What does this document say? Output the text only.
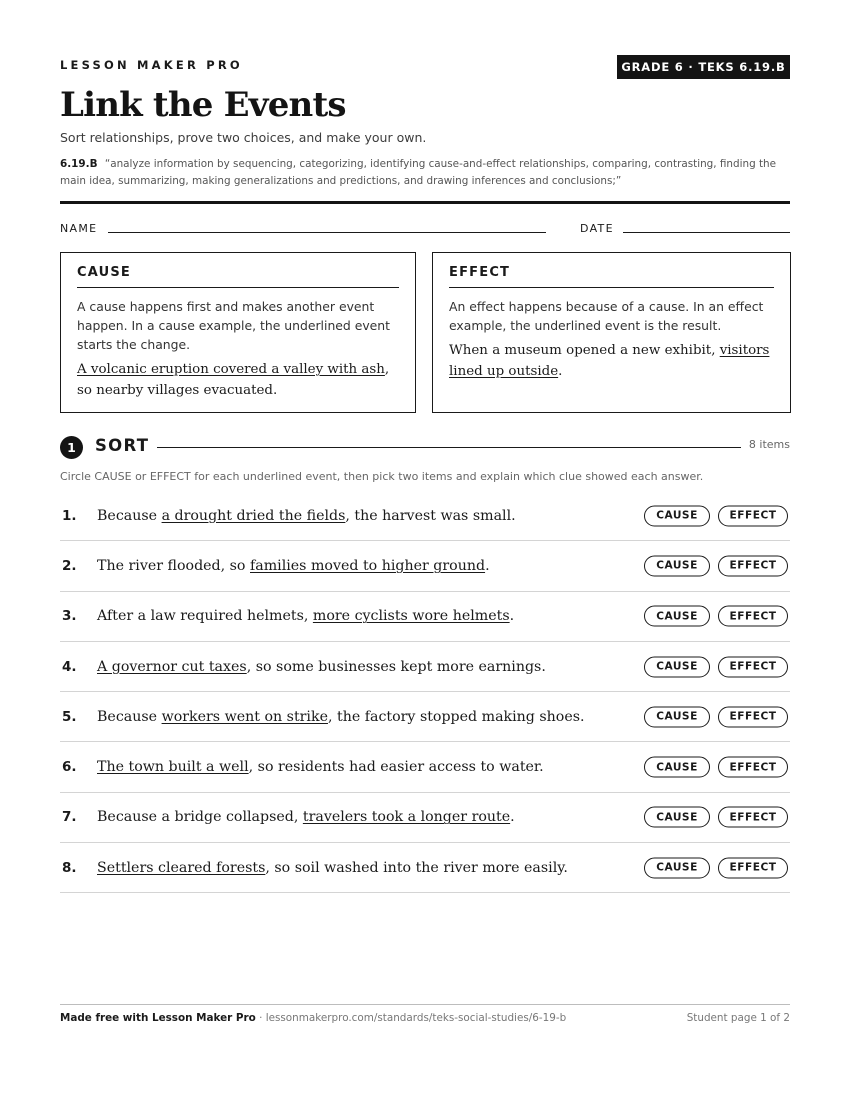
LESSON MAKER PRO	GRADE 6 · TEKS 6.19.B
Link the Events
Sort relationships, prove two choices, and make your own.
6.19.B “analyze information by sequencing, categorizing, identifying cause-and-effect relationships, comparing, contrasting, finding the main idea, summarizing, making generalizations and predictions, and drawing inferences and conclusions;”
NAME	DATE
CAUSE
A cause happens first and makes another event happen. In a cause example, the underlined event starts the change.
A volcanic eruption covered a valley with ash, so nearby villages evacuated.
EFFECT
An effect happens because of a cause. In an effect example, the underlined event is the result.
When a museum opened a new exhibit, visitors lined up outside.
1	SORT	8 items
Circle CAUSE or EFFECT for each underlined event, then pick two items and explain which clue showed each answer.
1.	Because a drought dried the fields, the harvest was small.	CAUSE	EFFECT
2.	The river flooded, so families moved to higher ground.	CAUSE	EFFECT
3.	After a law required helmets, more cyclists wore helmets.	CAUSE	EFFECT
4.	A governor cut taxes, so some businesses kept more earnings.	CAUSE	EFFECT
5.	Because workers went on strike, the factory stopped making shoes.	CAUSE	EFFECT
6.	The town built a well, so residents had easier access to water.	CAUSE	EFFECT
7.	Because a bridge collapsed, travelers took a longer route.	CAUSE	EFFECT
8.	Settlers cleared forests, so soil washed into the river more easily.	CAUSE	EFFECT
Made free with Lesson Maker Pro · lessonmakerpro.com/standards/teks-social-studies/6-19-b	Student page 1 of 2
